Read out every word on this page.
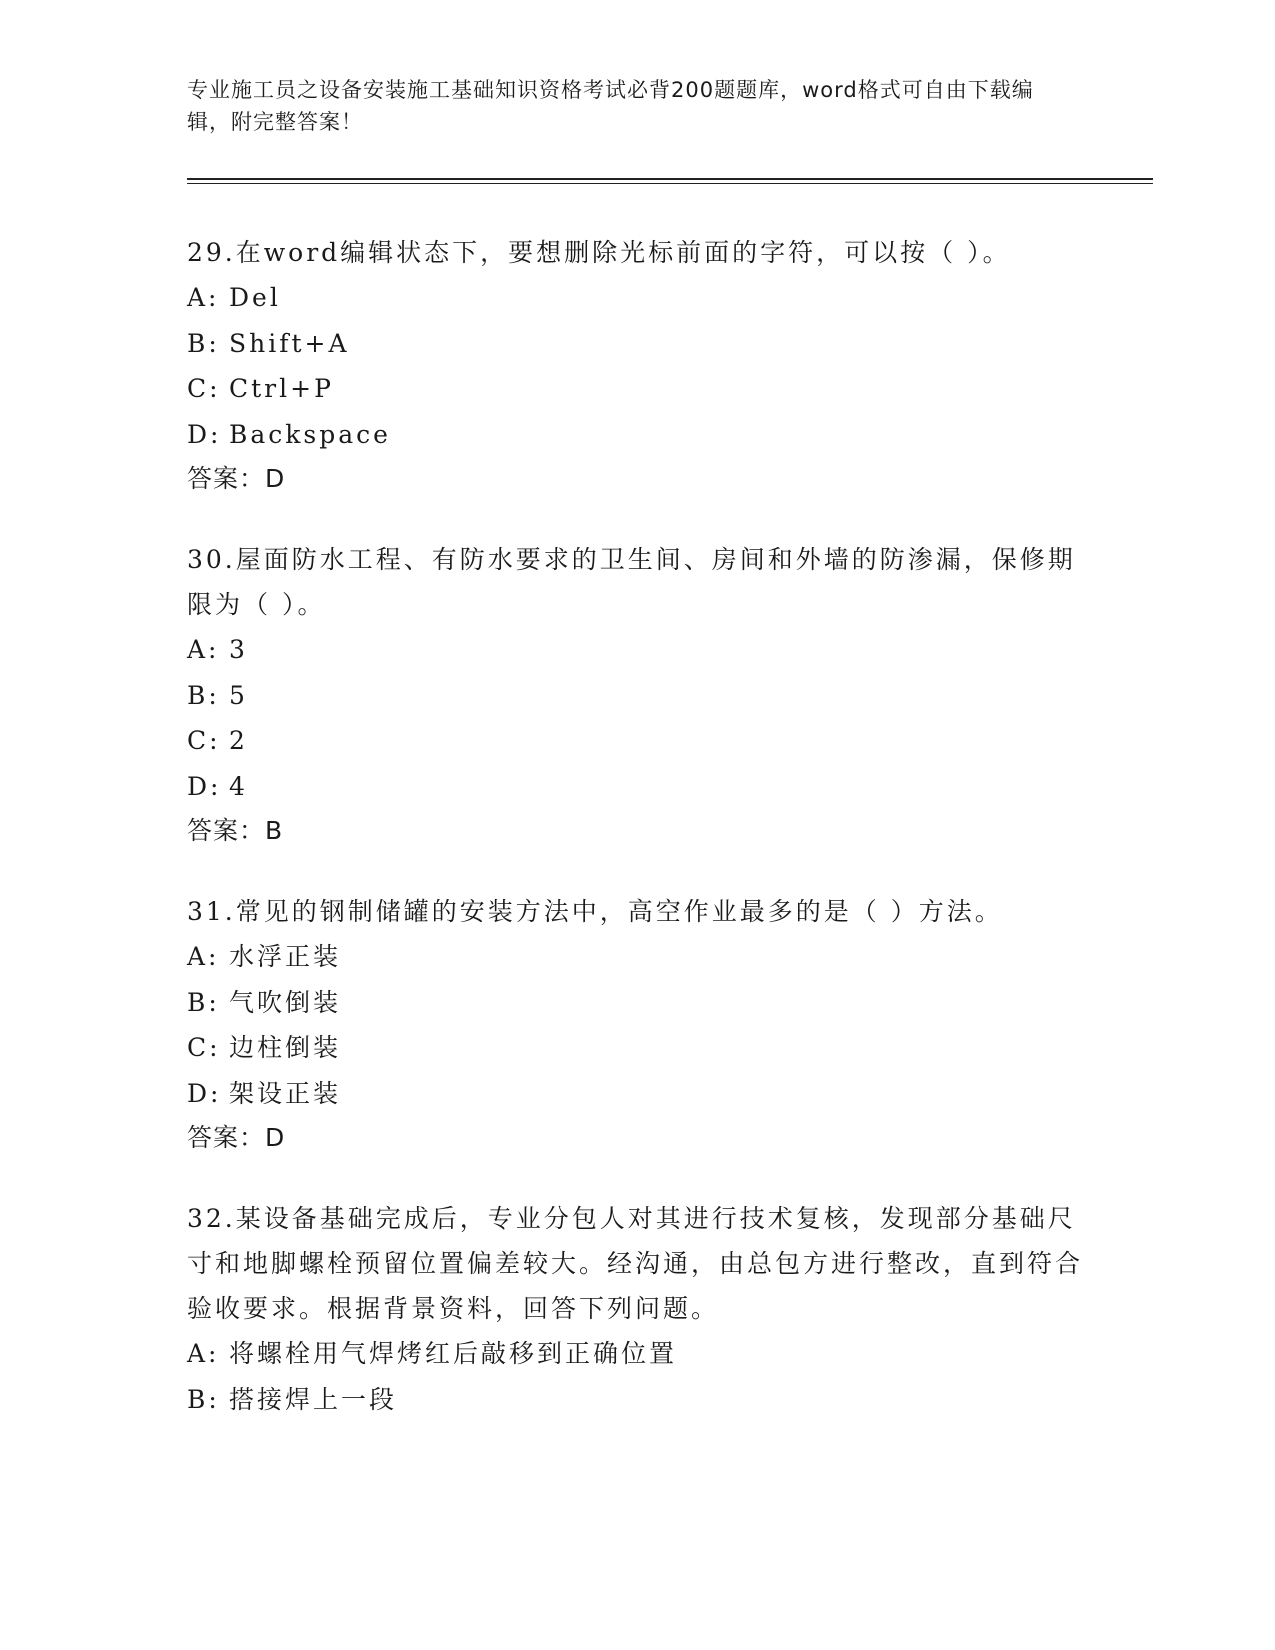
专业施工员之设备安装施工基础知识资格考试必背200题题库，word格式可自由下载编辑，附完整答案！

29.在word编辑状态下，要想删除光标前面的字符，可以按（ ）。

A: Del
B: Shift+A
C: Ctrl+P
D: Backspace
答案：D

30.屋面防水工程、有防水要求的卫生间、房间和外墙的防渗漏，保修期限为（ ）。

A: 3
B: 5
C: 2
D: 4
答案：B

31.常见的钢制储罐的安装方法中，高空作业最多的是（ ）方法。

A: 水浮正装
B: 气吹倒装
C: 边柱倒装
D: 架设正装
答案：D

32.某设备基础完成后，专业分包人对其进行技术复核，发现部分基础尺寸和地脚螺栓预留位置偏差较大。经沟通，由总包方进行整改，直到符合验收要求。根据背景资料，回答下列问题。

A: 将螺栓用气焊烤红后敲移到正确位置
B: 搭接焊上一段
